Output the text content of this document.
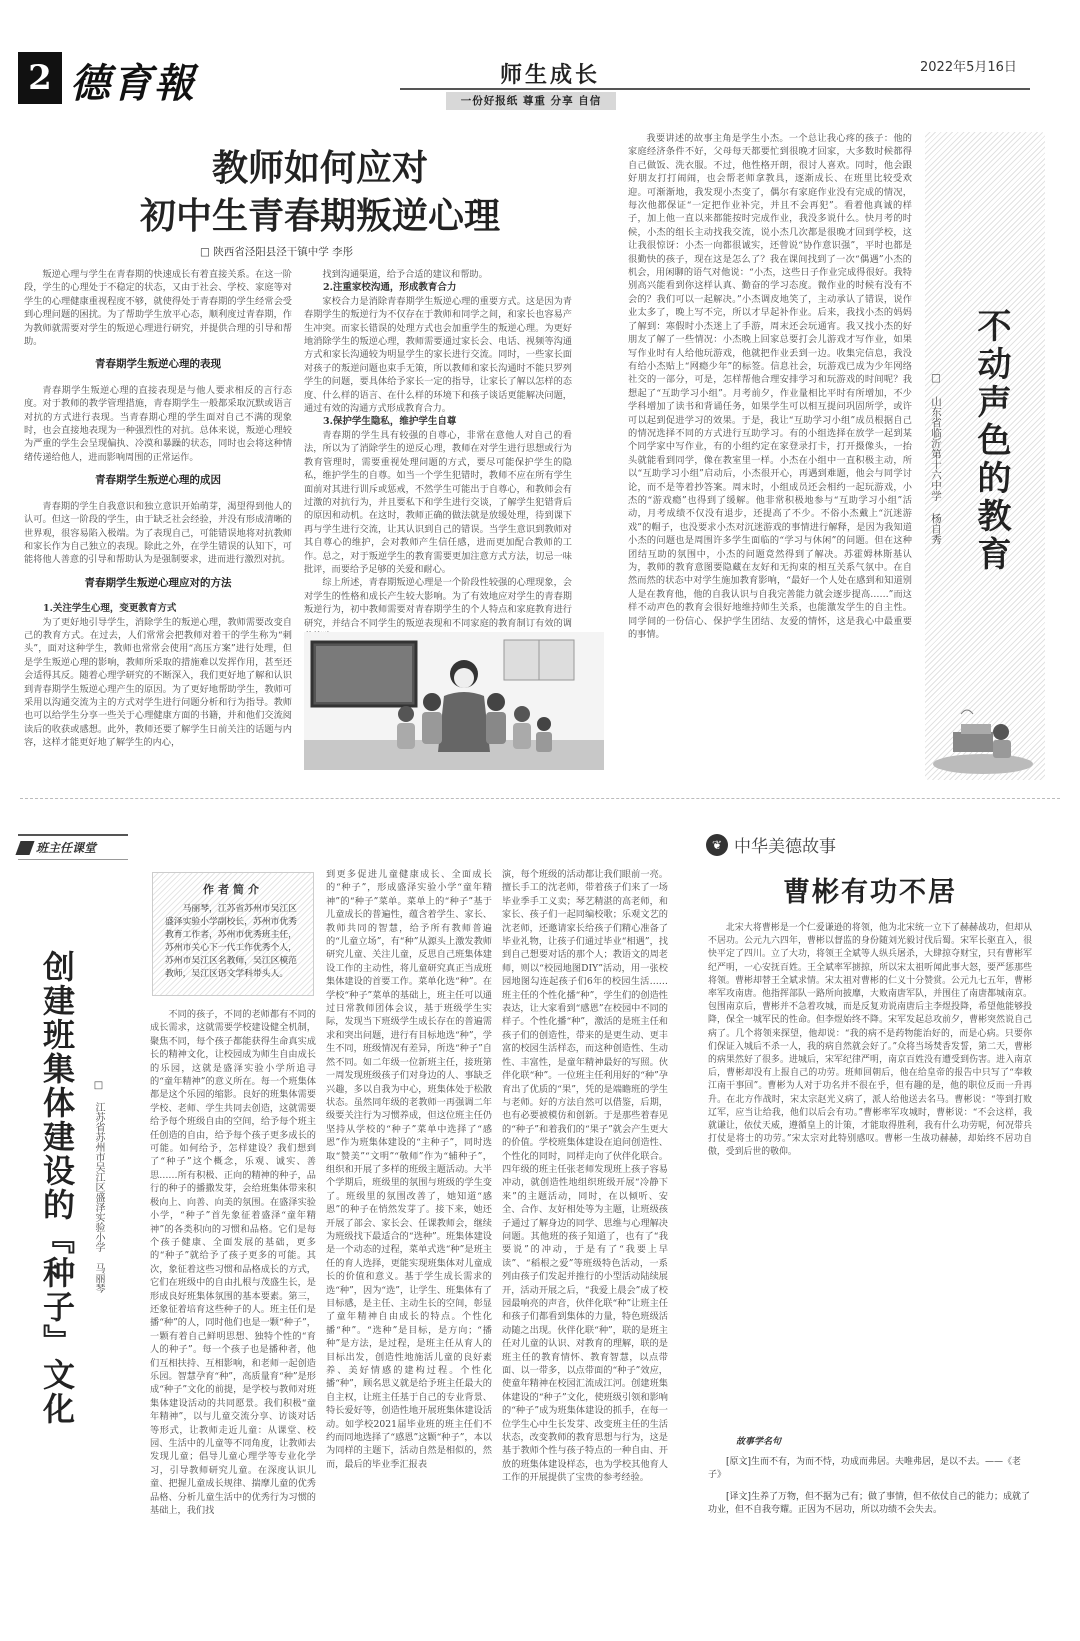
2 德育報	师生成长	2022年5月16日
一份好报纸 尊重 分享 自信
教师如何应对
初中生青春期叛逆心理
□ 陕西省泾阳县泾干镇中学 李彤

叛逆心理与学生在青春期的快速成长有着直接关系。在这一阶段，学生的心理处于不稳定的状态，又由于社会、学校、家庭等对学生的心理健康重视程度不够，就使得处于青春期的学生经常会受到心理问题的困扰。为了帮助学生放平心态，顺利度过青春期，作为教师就需要对学生的叛逆心理进行研究，并提供合理的引导和帮助。

青春期学生叛逆心理的表现

青春期学生叛逆心理的直接表现是与他人要求相反的言行态度。对于教师的教学管理措施，青春期学生一般都采取沉默或语言对抗的方式进行表现。当青春期心理的学生面对自己不满的现象时，也会直接地表现为一种强烈性的对抗。总体来说，叛逆心理较为严重的学生会呈现偏执、冷漠和暴躁的状态，同时也会将这种情绪传递给他人，进而影响周围的正常运作。

青春期学生叛逆心理的成因

青春期的学生自我意识和独立意识开始萌芽，渴望得到他人的认可。但这一阶段的学生，由于缺乏社会经验，并没有形成清晰的世界观，很容易陷入极端。为了表现自己，可能错误地将对抗教师和家长作为自己独立的表现。除此之外，在学生错误的认知下，可能将他人善意的引导和帮助认为是强制要求，进而进行激烈对抗。

青春期学生叛逆心理应对的方法

1.关注学生心理，变更教育方式

为了更好地引导学生，消除学生的叛逆心理，教师需要改变自己的教育方式。在过去，人们常常会把教师对着干的学生称为“刺头”，面对这种学生，教师也常常会使用“高压方案”进行处理，但是学生叛逆心理的影响，教师所采取的措施难以发挥作用，甚至还会适得其反。随着心理学研究的不断深入，我们更好地了解和认识到青春期学生叛逆心理产生的原因。为了更好地帮助学生，教师可采用以沟通交流为主的方式对学生进行问题分析和行为指导。教师也可以给学生分享一些关于心理健康方面的书籍，并和他们交流阅读后的收获或感想。此外，教师还要了解学生日前关注的话题与内容，这样才能更好地了解学生的内心，

找到沟通渠道，给予合适的建议和帮助。

2.注重家校沟通，形成教育合力

家校合力是消除青春期学生叛逆心理的重要方式。这是因为青春期学生的叛逆行为不仅存在于教师和同学之间，和家长也容易产生冲突。而家长错误的处理方式也会加重学生的叛逆心理。为更好地消除学生的叛逆心理，教师需要通过家长会、电话、视频等沟通方式和家长沟通较为明显学生的家长进行交流。同时，一些家长面对孩子的叛逆问题也束手无策，所以教师和家长沟通时不能只罗列学生的问题，要具体给予家长一定的指导，让家长了解以怎样的态度、什么样的语言、在什么样的环境下和孩子谈话更能解决问题，通过有效的沟通方式形成教育合力。

3.保护学生隐私，维护学生自尊

青春期的学生具有较强的自尊心，非常在意他人对自己的看法，所以为了消除学生的逆反心理，教师在对学生进行思想或行为教育管理时，需要重视处理问题的方式，要尽可能保护学生的隐私，维护学生的自尊。如当一个学生犯错时，教师不应在所有学生面前对其进行训斥或惩戒，不然学生可能出于自尊心，和教师会有过激的对抗行为，并且要私下和学生进行交谈，了解学生犯错背后的原因和动机。在这时，教师正确的做法就是放缓处理，待到课下再与学生进行交流，让其认识到自己的错误。当学生意识到教师对其自尊心的维护，会对教师产生信任感，进而更加配合教师的工作。总之，对于叛逆学生的教育需要更加注意方式方法，切忌一味批评，而要给予足够的关爱和耐心。

综上所述，青春期叛逆心理是一个阶段性较强的心理现象，会对学生的性格和成长产生较大影响。为了有效地应对学生的青春期叛逆行为，初中教师需要对青春期学生的个人特点和家庭教育进行研究，并结合不同学生的叛逆表现和不同家庭的教育制订有效的调

我要讲述的故事主角是学生小杰。一个总让我心疼的孩子：他的家庭经济条件不好，父母每天都要忙到很晚才回家，大多数时候都得自己做饭、洗衣服。不过，他性格开朗，很讨人喜欢。同时，他会跟好朋友打打闹闹，也会帮老师拿教具，逐渐成长、在班里比较受欢迎。可渐渐地，我发现小杰变了，偶尔有家庭作业没有完成的情况，每次他都保证“一定把作业补完，并且不会再犯”。看着他真诚的样子，加上他一直以来都能按时完成作业，我没多说什么。快月考的时候，小杰的组长主动找我交流，说小杰几次都是很晚才回到学校，这让我很惊讶：小杰一向都很诚实，还曾说“协作意识强”，平时也都是很勤快的孩子，现在这是怎么了？我在课间找到了一次“偶遇”小杰的机会，用闲聊的语气对他说：“小杰，这些日子作业完成得很好。我特别高兴能看到你这样认真、勤奋的学习态度。微作业的时候有没有不会的？我们可以一起解决。”小杰调皮地笑了，主动承认了错误，说作业太多了，晚上写不完，所以才早起补作业。后来，我找小杰的妈妈了解到：寒假时小杰迷上了手游，周末还会玩通宵。我又找小杰的好朋友了解了一些情况：小杰晚上回家总要打会儿游戏才写作业，如果写作业时有人给他玩游戏，他就把作业丢到一边。收集完信息，我没有给小杰贴上“网瘾少年”的标签。信息社会，玩游戏已成为少年网络社交的一部分，可是，怎样帮他合理安排学习和玩游戏的时间呢？我想起了“互助学习小组”。月考前夕，作业量相比平时有所增加，不少学科增加了读书和背诵任务，如果学生可以相互提问巩固所学，或许可以起到促进学习的效果。于是，我让“互助学习小组”成员根据自己的情况选择不同的方式进行互助学习。有的小组选择在放学一起到某个同学家中写作业，有的小组约定在家登录打卡，打开摄像头，一抬头就能看到同学，像在教室里一样。小杰在小组中一直积极主动，所以“互助学习小组”启动后，小杰很开心，再遇到难题，他会与同学讨论，而不是等着抄答案。周末时，小组成员还会相约一起玩游戏，小杰的“游戏瘾”也得到了缓解。他非常积极地参与“互助学习小组”活动，月考成绩不仅没有退步，还提高了不少。不俗小杰戴上“沉迷游戏”的帽子，也没要求小杰对沉迷游戏的事情进行解释，是因为我知道小杰的问题也是周围许多学生面临的“学习与休闲”的问题。但在这种团结互助的氛围中，小杰的问题竟然得到了解决。苏霍姆林斯基认为，教师的教育意图要隐藏在友好和无拘束的相互关系气氛中。在自然而然的状态中对学生施加教育影响，“最好一个人处在感到和知道别人是在教育他，他的自我认识与自我完善能力就会逐步提高……”而这样不动声色的教育会很好地维持师生关系，也能激发学生的自主性。同学间的一份信心、保护学生团结、友爱的情怀，这是我心中最重要的事情。

不动声色的教育
□ 山东省临沂第十六中学 杨自秀
班主任课堂
创建班集体建设的『种子』文化 □ 江苏省苏州市吴江区盛泽实验小学 马丽琴
作者简介
马丽琴，江苏省苏州市吴江区盛泽实验小学副校长，苏州市优秀教育工作者，苏州市优秀班主任，苏州市关心下一代工作优秀个人，苏州市吴江区名教师，吴江区模范教师，吴江区语文学科带头人。

不同的孩子，不同的老师都有不同的成长需求，这就需要学校建设健全机制，聚焦不同，每个孩子都能获得生命真实成长的精神文化，让校园成为师生自由成长的乐园，这就是盛泽实验小学所追寻的“童年精神”的意义所在。每一个班集体都是这个乐园的缩影。良好的班集体需要学校、老师、学生共同去创造，这就需要给予每个班级自由的空间，给予每个班主任创造的自由，给予每个孩子更多成长的可能。如何给予，怎样建设？我们想到了“种子”这个概念，乐观、诚实、善思……所有积极、正向的精神的种子，品行的种子的播撒发芽，会给班集体带来积极向上、向善、向美的氛围。在盛泽实验小学，“种子”首先象征着盛泽“童年精神”的各类积向的习惯和品格。它们是每个孩子健康、全面发展的基础，更多的“种子”就给予了孩子更多的可能。其次，象征着这些习惯和品格成长的方式，它们在班级中的自由扎根与茂盛生长，是形成良好班集体氛围的基本要素。第三，还象征着培育这些种子的人。班主任们是播“种”的人，同时他们也是一颗“种子”，一颗有着自己鲜明思想、独特个性的“育人的种子”。每一个孩子也是播种者，他们互相扶持、互相影响，和老师一起创造乐园。智慧孕育“种”，高质量育“种”是形成“种子”文化的前提，是学校与教师对班集体建设活动的共同愿景。我们积极“童年精神”，以与儿童交流分享、访谈对话等形式，让教师走近儿童：从课堂、校园、生活中的儿童等不同角度，让教师去发现儿童；倡导儿童心理学等专业化学习，引导教师研究儿童。在深度认识儿童、把握儿童成长规律、揣摩儿童的优秀品格、分析儿童生活中的优秀行为习惯的基础上，我们找

到更多促进儿童健康成长、全面成长的“种子”，形成盛泽实验小学“童年精神”的“种子”菜单。菜单上的“种子”基于儿童成长的普遍性，蕴含着学生、家长、教师共同的智慧，给予所有教师普遍的“儿童立场”，有“种”从源头上激发教师研究儿童、关注儿童，反思自己班集体建设工作的主动性，将儿童研究真正当成班集体建设的首要工作。菜单化选“种”。在学校“种子”菜单的基础上，班主任可以通过日常教师团体会议，基于班级学生实际，发现当下班级学生成长存在的普遍需求和突出问题，进行有目标地选“种”，学生不同，班级情况有差异，所选“种子”自然不同。如二年级一位新班主任，接班第一周发现班级孩子们对身边的人、事缺乏兴趣，多以自我为中心，班集体处于松散状态。虽然同年级的老教师一再强调二年级要关注行为习惯养成，但这位班主任仍坚持从学校的“种子”菜单中选择了“感恩”作为班集体建设的“主种子”，同时选取“赞美”“文明”“敬师”作为“辅种子”，组织和开展了多样的班级主题活动。大半个学期后，班级里的氛围与班级的学生变了。班级里的氛围改善了，她知道“感恩”的种子在悄然发芽了。接下来，她还开展了部会、家长会、任课教师会，继续为班级找下最适合的“选种”。班集体建设是一个动态的过程，菜单式选“种”是班主任的育人选择，更能实现班集体对儿童成长的价值和意义。基于学生成长需求的选“种”，因为“选”，让学生、班集体有了目标感，是主任、主动生长的空间，彰显了童年精神自由成长的特点。个性化播“种”。“选种”是目标，是方向；“播种”是方法，是过程，是班主任从育人的目标出发，创造性地施活儿童的良好素养、美好情感的建构过程。个性化播“种”，顾名思义就是给予班主任最大的自主权，让班主任基于自己的专业背景、特长爱好等，创造性地开展班集体建设活动。如学校2021届毕业班的班主任们不约而同地选择了“感恩”这颗“种子”，本以为同样的主题下，活动自然是相似的，然而，最后的毕业季汇报表

演，每个班级的活动都让我们眼前一亮。擅长手工的沈老师，带着孩子们来了一场毕业季手工义卖；琴艺精湛的高老师，和家长、孩子们一起同编校歌；乐观文艺的沈老师，还邀请家长给孩子们精心准备了毕业礼物，让孩子们通过毕业“相遇”，找到自己想要对话的那个人；教语文的周老师，则以“校园地图DIY”活动，用一张校园地图勾连起孩子们6年的校园生活……班主任的个性化播“种”，学生们的创造性表达，让大家看到“感恩”在校园中不同的样子。个性化播“种”，激活的是班主任和孩子们的创造性，带来的是更生动、更丰富的校园生活样态，而这种创造性、生动性、丰富性，是童年精神最好的写照。伙伴化联“种”。一位班主任利用好的“种”孕育出了优质的“果”，凭的是端瞻班的学生与老师。好的方法自然可以借鉴，后期，也有必要被模仿和创新。于是那些着春见的“种子”和着我们的“果子”就会产生更大的价值。学校班集体建设在追问创造性、个性化的同时，同样走向了伙伴化联合。四年级的班主任张老师发现班上孩子容易冲动，就创造性地组织班级开展“冷静下来”的主题活动，同时，在以倾听、安全、合作、友好相处等为主题，让班级孩子通过了解身边的同学、思维与心理解决问题。其他班的孩子知道了，也有了“我要说”的冲动，于是有了“我要上早读”、“稻根之爱”等班级特色活动，一系列由孩子们发起并推行的小型活动陆续展开，活动开展之后，“我爱上晨会”成了校园最响亮的声音，伙伴化联“种”让班主任和孩子们都看到集体的力量，特色班级活动随之出现。伙伴化联“种”，联的是班主任对儿童的认识、对教育的理解，联的是班主任的教育情怀、教育智慧，以点带面、以一带多，以点带面的“种子”效应，使童年精神在校园汇流成江河。创建班集体建设的“种子”文化，使班级引领和影响的“种子”成为班集体建设的抓手，在每一位学生心中生长发芽、改变班主任的生活状态，改变教师的教育思想与行为，这是基于教师个性与孩子特点的一种自由、开放的班集体建设样态，也为学校其他育人工作的开展提供了宝贵的参考经验。

❦ 中华美德故事
曹彬有功不居

北宋大将曹彬是一个仁爱谦逊的将领，他为北宋统一立下了赫赫战功，但却从不居功。公元九六四年，曹彬以督监的身份随刘光毅讨伐后蜀。宋军长驱直入，很快平定了四川。立了大功，将领王全斌等人纵兵屠杀，大肆掠夺财宝，只有曹彬军纪严明，一心安抚百姓。王全斌率军掳掠，所以宋太祖听闻此事大怒，要严惩那些将领。曹彬却替王全斌求情。宋太祖对曹彬的仁义十分赞赏。公元九七五年，曹彬率军攻南唐。他指挥部队一路所向披靡，大败南唐军队，并围住了南唐都城南京。包围南京后，曹彬并不急着攻城，而是反复劝说南唐后主李煜投降，希望他能够投降，保全一城军民的性命。但李煜始终不降。宋军发起总攻前夕，曹彬突然说自己病了。几个将领来探望，他却说：“我的病不是药物能治好的，而是心病。只要你们保证入城后不杀一人，我的病自然就会好了。”众将当场焚香发誓，第二天，曹彬的病果然好了很多。进城后，宋军纪律严明，南京百姓没有遭受到伤害。进入南京后，曹彬却没有上报自己的功劳。班师回朝后，他在给皇帝的报告中只写了“奉敕江南干事回”。曹彬为人对于功名并不很在乎，但有趣的是，他的职位反而一升再升。在北方作战时，宋太宗赵光义病了，派人给他送去名马。曹彬说：“等到打败辽军，应当让给我，他们以后会有功。”曹彬率军攻城时，曹彬说：“不会这样，我就谦让，依仗天威，遵循皇上的计策，才能取得胜利，我有什么功劳呢，何况带兵打仗是将士的功劳。”宋太宗对此特别感叹。曹彬一生战功赫赫，却始终不居功自傲，受到后世的敬仰。

故事学名句
[原文]生而不有，为而不恃，功成而弗居。夫唯弗居，是以不去。——《老子》
[译文]生养了万物，但不据为己有；做了事情，但不依仗自己的能力；成就了功业，但不自我夸耀。正因为不居功，所以功绩不会失去。
